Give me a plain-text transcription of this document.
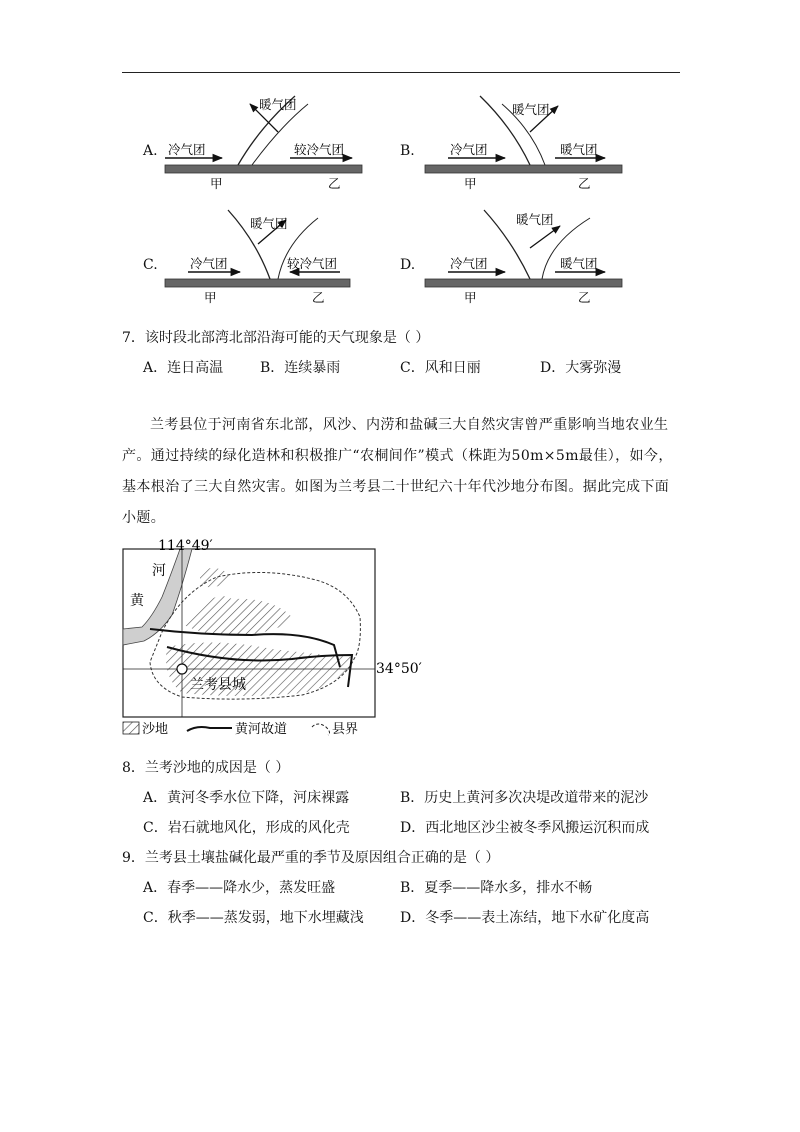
A.
暖气团
冷气团	较冷气团
甲	乙
B.
暖气团
冷气团	暖气团
甲	乙
C.
暖气团
冷气团	较冷气团
甲	乙
D.
暖气团
冷气团	暖气团
甲	乙
7．该时段北部湾北部沿海可能的天气现象是（ ）
A．连日高温	B．连续暴雨	C．风和日丽	D．大雾弥漫

兰考县位于河南省东北部，风沙、内涝和盐碱三大自然灾害曾严重影响当地农业生产。通过持续的绿化造林和积极推广“农桐间作”模式（株距为50m×5m最佳），如今，基本根治了三大自然灾害。如图为兰考县二十世纪六十年代沙地分布图。据此完成下面小题。

114°49′
34°50′
河
黄
兰考县城
沙地	黄河故道	县界
8．兰考沙地的成因是（ ）
A．黄河冬季水位下降，河床裸露	B．历史上黄河多次决堤改道带来的泥沙
C．岩石就地风化，形成的风化壳	D．西北地区沙尘被冬季风搬运沉积而成
9．兰考县土壤盐碱化最严重的季节及原因组合正确的是（ ）
A．春季——降水少，蒸发旺盛	B．夏季——降水多，排水不畅
C．秋季——蒸发弱，地下水埋藏浅	D．冬季——表土冻结，地下水矿化度高
